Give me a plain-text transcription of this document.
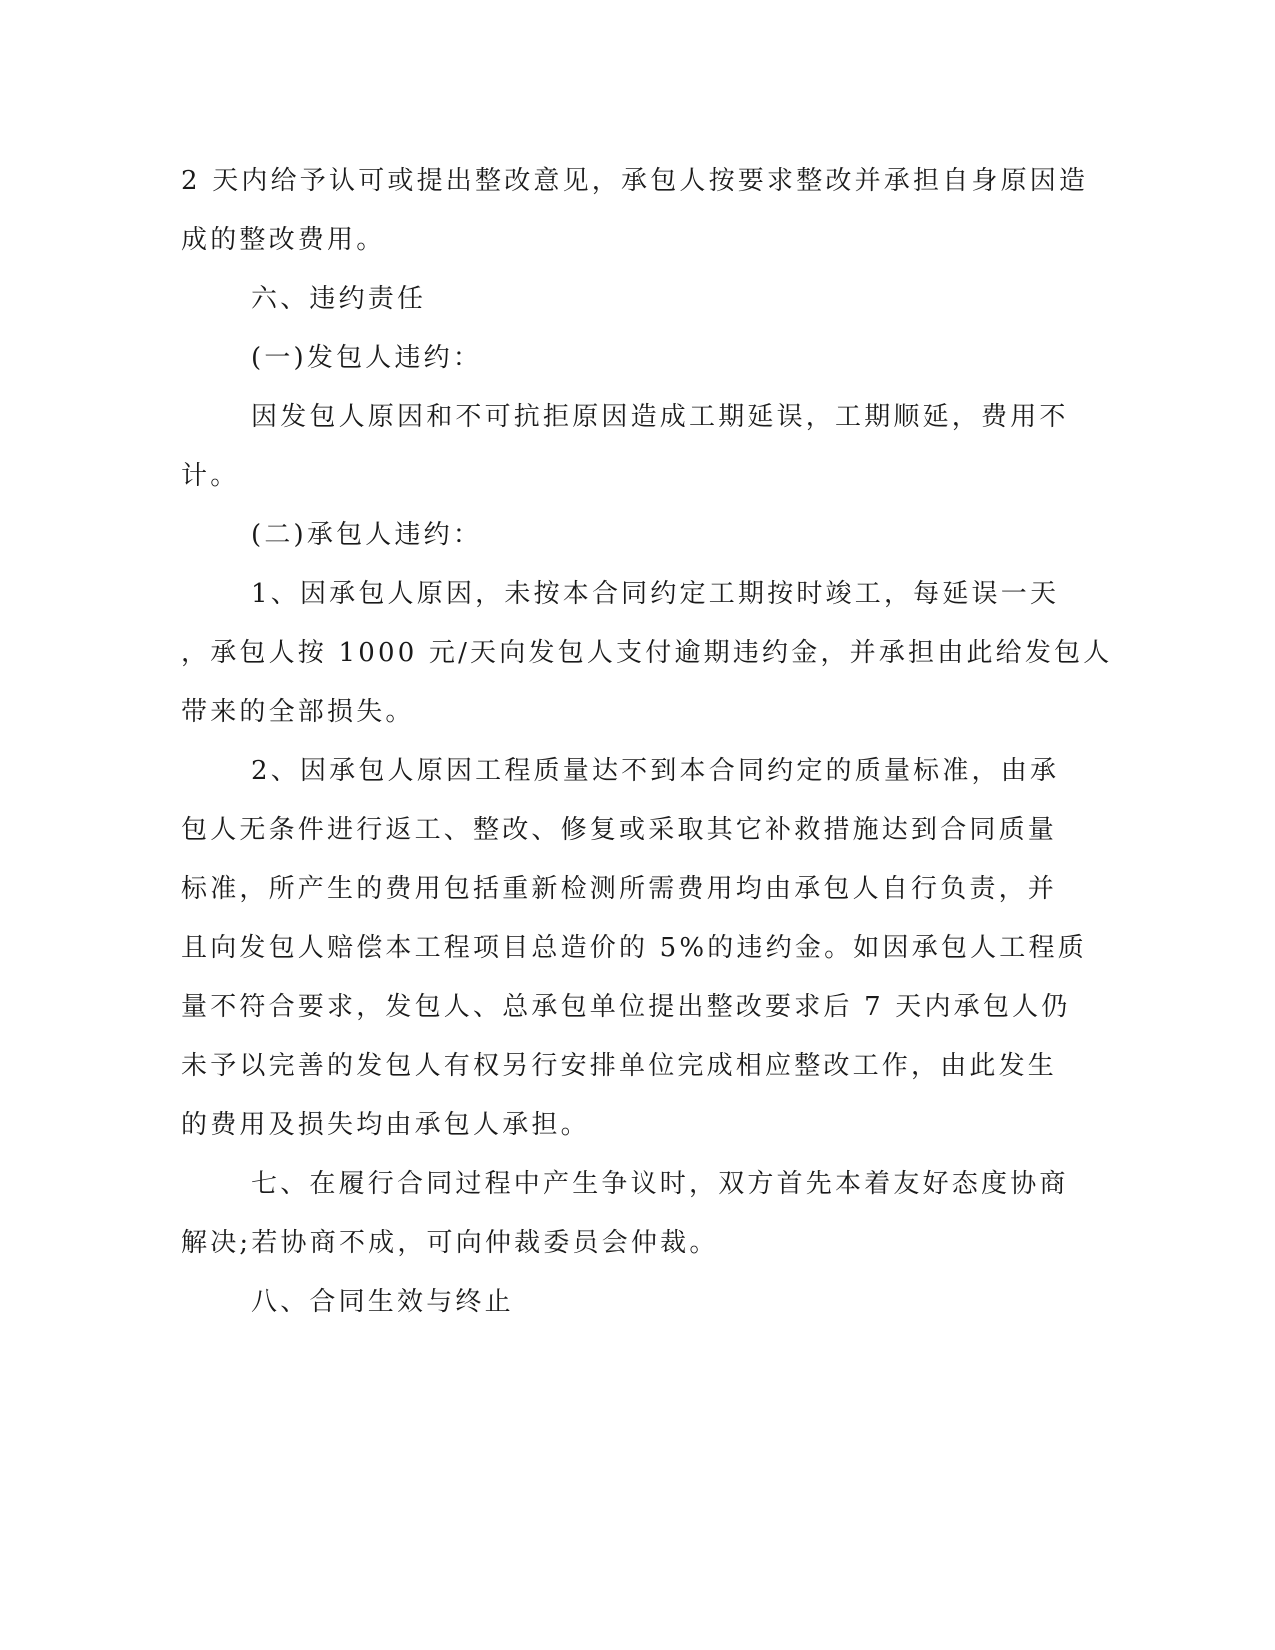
2 天内给予认可或提出整改意见，承包人按要求整改并承担自身原因造
成的整改费用。
六、违约责任
(一)发包人违约：
因发包人原因和不可抗拒原因造成工期延误，工期顺延，费用不
计。
(二)承包人违约：
1、因承包人原因，未按本合同约定工期按时竣工，每延误一天
，承包人按 1000 元/天向发包人支付逾期违约金，并承担由此给发包人
带来的全部损失。
2、因承包人原因工程质量达不到本合同约定的质量标准，由承
包人无条件进行返工、整改、修复或采取其它补救措施达到合同质量
标准，所产生的费用包括重新检测所需费用均由承包人自行负责，并
且向发包人赔偿本工程项目总造价的 5%的违约金。如因承包人工程质
量不符合要求，发包人、总承包单位提出整改要求后 7 天内承包人仍
未予以完善的发包人有权另行安排单位完成相应整改工作，由此发生
的费用及损失均由承包人承担。
七、在履行合同过程中产生争议时，双方首先本着友好态度协商
解决;若协商不成，可向仲裁委员会仲裁。
八、合同生效与终止
